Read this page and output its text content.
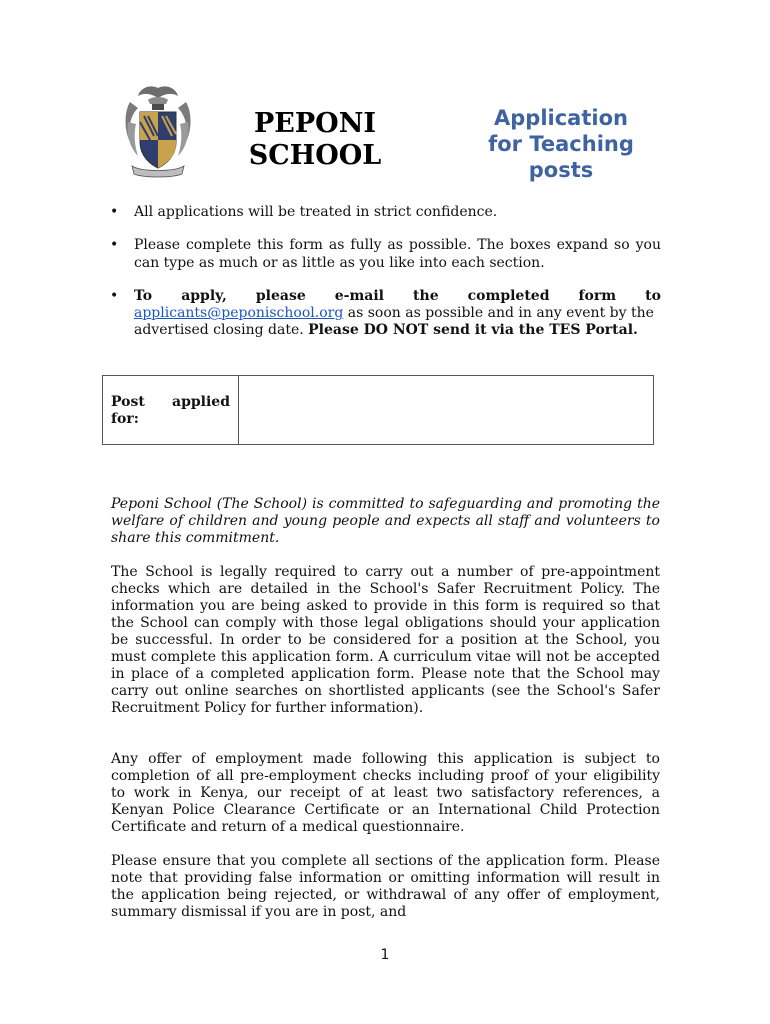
PEPONI
SCHOOL
Application
for Teaching
posts
• All applications will be treated in strict confidence.
• Please complete this form as fully as possible. The boxes expand so you can type as much or as little as you like into each section.
• To apply, please e-mail the completed form to
applicants@peponischool.org as soon as possible and in any event by the advertised closing date. Please DO NOT send it via the TES Portal.
Post applied
for:

Peponi School (The School) is committed to safeguarding and promoting the welfare of children and young people and expects all staff and volunteers to share this commitment.

The School is legally required to carry out a number of pre-appointment checks which are detailed in the School's Safer Recruitment Policy. The information you are being asked to provide in this form is required so that the School can comply with those legal obligations should your application be successful. In order to be considered for a position at the School, you must complete this application form. A curriculum vitae will not be accepted in place of a completed application form. Please note that the School may carry out online searches on shortlisted applicants (see the School's Safer Recruitment Policy for further information).

Any offer of employment made following this application is subject to completion of all pre-employment checks including proof of your eligibility to work in Kenya, our receipt of at least two satisfactory references, a Kenyan Police Clearance Certificate or an International Child Protection Certificate and return of a medical questionnaire.

Please ensure that you complete all sections of the application form. Please note that providing false information or omitting information will result in the application being rejected, or withdrawal of any offer of employment, summary dismissal if you are in post, and

1
